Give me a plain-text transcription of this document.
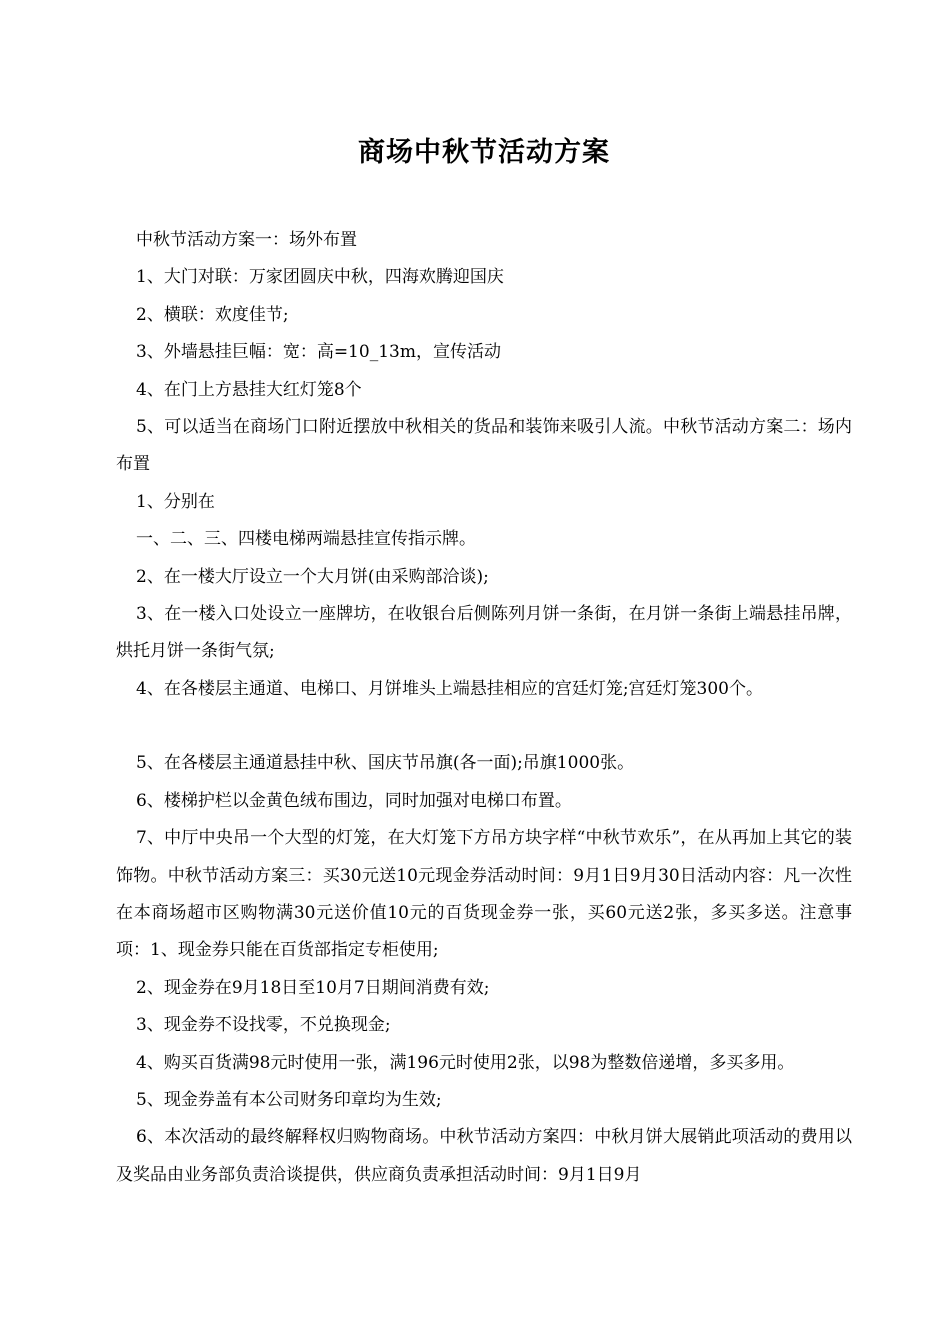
商场中秋节活动方案

中秋节活动方案一：场外布置

1、大门对联：万家团圆庆中秋，四海欢腾迎国庆

2、横联：欢度佳节;

3、外墙悬挂巨幅：宽：高=10_13m，宣传活动

4、在门上方悬挂大红灯笼8个

5、可以适当在商场门口附近摆放中秋相关的货品和装饰来吸引人流。中秋节活动方案二：场内布置

1、分别在

一、二、三、四楼电梯两端悬挂宣传指示牌。

2、在一楼大厅设立一个大月饼(由采购部洽谈);

3、在一楼入口处设立一座牌坊，在收银台后侧陈列月饼一条街，在月饼一条街上端悬挂吊牌，烘托月饼一条街气氛;

4、在各楼层主通道、电梯口、月饼堆头上端悬挂相应的宫廷灯笼;宫廷灯笼300个。

5、在各楼层主通道悬挂中秋、国庆节吊旗(各一面);吊旗1000张。

6、楼梯护栏以金黄色绒布围边，同时加强对电梯口布置。

7、中厅中央吊一个大型的灯笼，在大灯笼下方吊方块字样“中秋节欢乐”，在从再加上其它的装饰物。中秋节活动方案三：买30元送10元现金券活动时间：9月1日9月30日活动内容：凡一次性在本商场超市区购物满30元送价值10元的百货现金券一张，买60元送2张，多买多送。注意事项：1、现金券只能在百货部指定专柜使用;

2、现金券在9月18日至10月7日期间消费有效;

3、现金券不设找零，不兑换现金;

4、购买百货满98元时使用一张，满196元时使用2张，以98为整数倍递增，多买多用。

5、现金券盖有本公司财务印章均为生效;

6、本次活动的最终解释权归购物商场。中秋节活动方案四：中秋月饼大展销此项活动的费用以及奖品由业务部负责洽谈提供，供应商负责承担活动时间：9月1日9月
